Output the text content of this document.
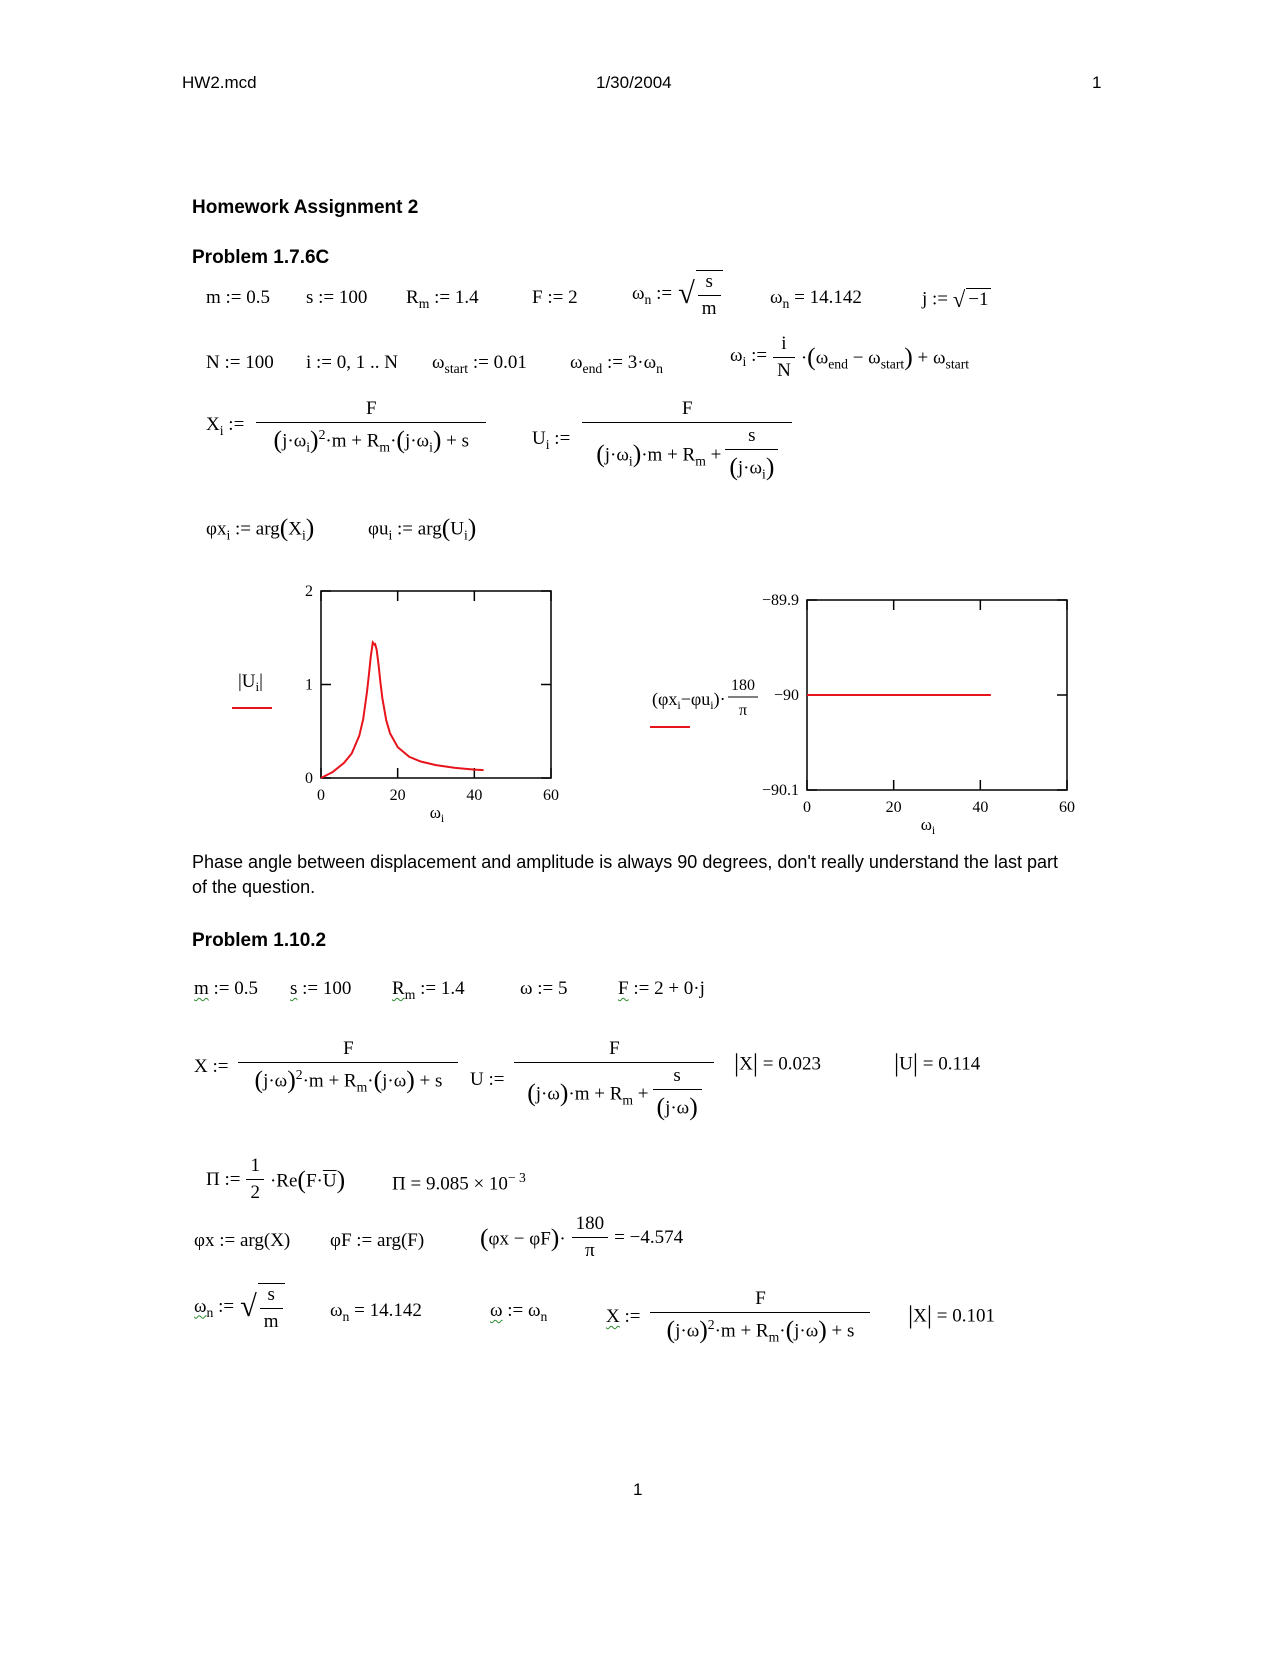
HW2.mcd	1/30/2004	1
Homework Assignment 2
Problem 1.7.6C
m := 0.5 s := 100 $R_m$ := 1.4	F := 2	$\omega_n$ := √ $\frac{s}{m}$	$\omega_n = 14.142$	j := √ −1
N := 100 i := 0, 1 .. N $\omega_{start}$ := 0.01 $\omega_{end}$ := $3\cdot\omega_n$
$\omega_i$ := $\frac{i}{N} \cdot(\omega_{end} - \omega_{start}) + \omega_{start}$
$X_i$ := $\frac{F}{(j\cdot\omega_i)^2\cdot m + R_m\cdot(j\cdot\omega_i) + s} U_i$ := $\frac{F}{(j\cdot\omega_i)\cdot m + R_m + \frac{s}{(j\cdot\omega_i)}}$
$\varphi x_i$ := $arg(X_i)$	$\varphi u_i$ := $arg(U_i)$
$|U_i|$
0	20	40	60
0
1
2
$\omega_i$
$(\varphi x_i-\varphi u_i)\cdot$
180
π
0	20	40	60
−90.1
−90
−89.9
$\omega_i$
Phase angle between displacement and amplitude is always 90 degrees, don't really understand the last part of the question.
Problem 1.10.2
m := 0.5 s := 100 $R_m$ := 1.4	ω := 5	F := 2 + 0·j
X := $\frac{F}{(j\cdot\omega)^2\cdot m + R_m\cdot(j\cdot\omega) + s}$ U := $\frac{F}{(j\cdot\omega)\cdot m + R_m + \frac{s}{(j\cdot\omega)}} |X| = 0.023$	|U| = 0.114
Π := $\frac{1}{2} \cdot Re(F\cdot\overline{U}) \Pi = 9.085 \times 10^{- 3}$
φx := arg(X) φF := arg(F) $(\varphi x - \varphi F)\cdot \frac{180}{\pi} = -4.574$
$\omega_n$ := √ $\frac{s}{m} \omega_n = 14.142$	ω := $\omega_n$	X := $\frac{F}{(j\cdot\omega)^2\cdot m + R_m\cdot(j\cdot\omega) + s} |X| = 0.101$
1
